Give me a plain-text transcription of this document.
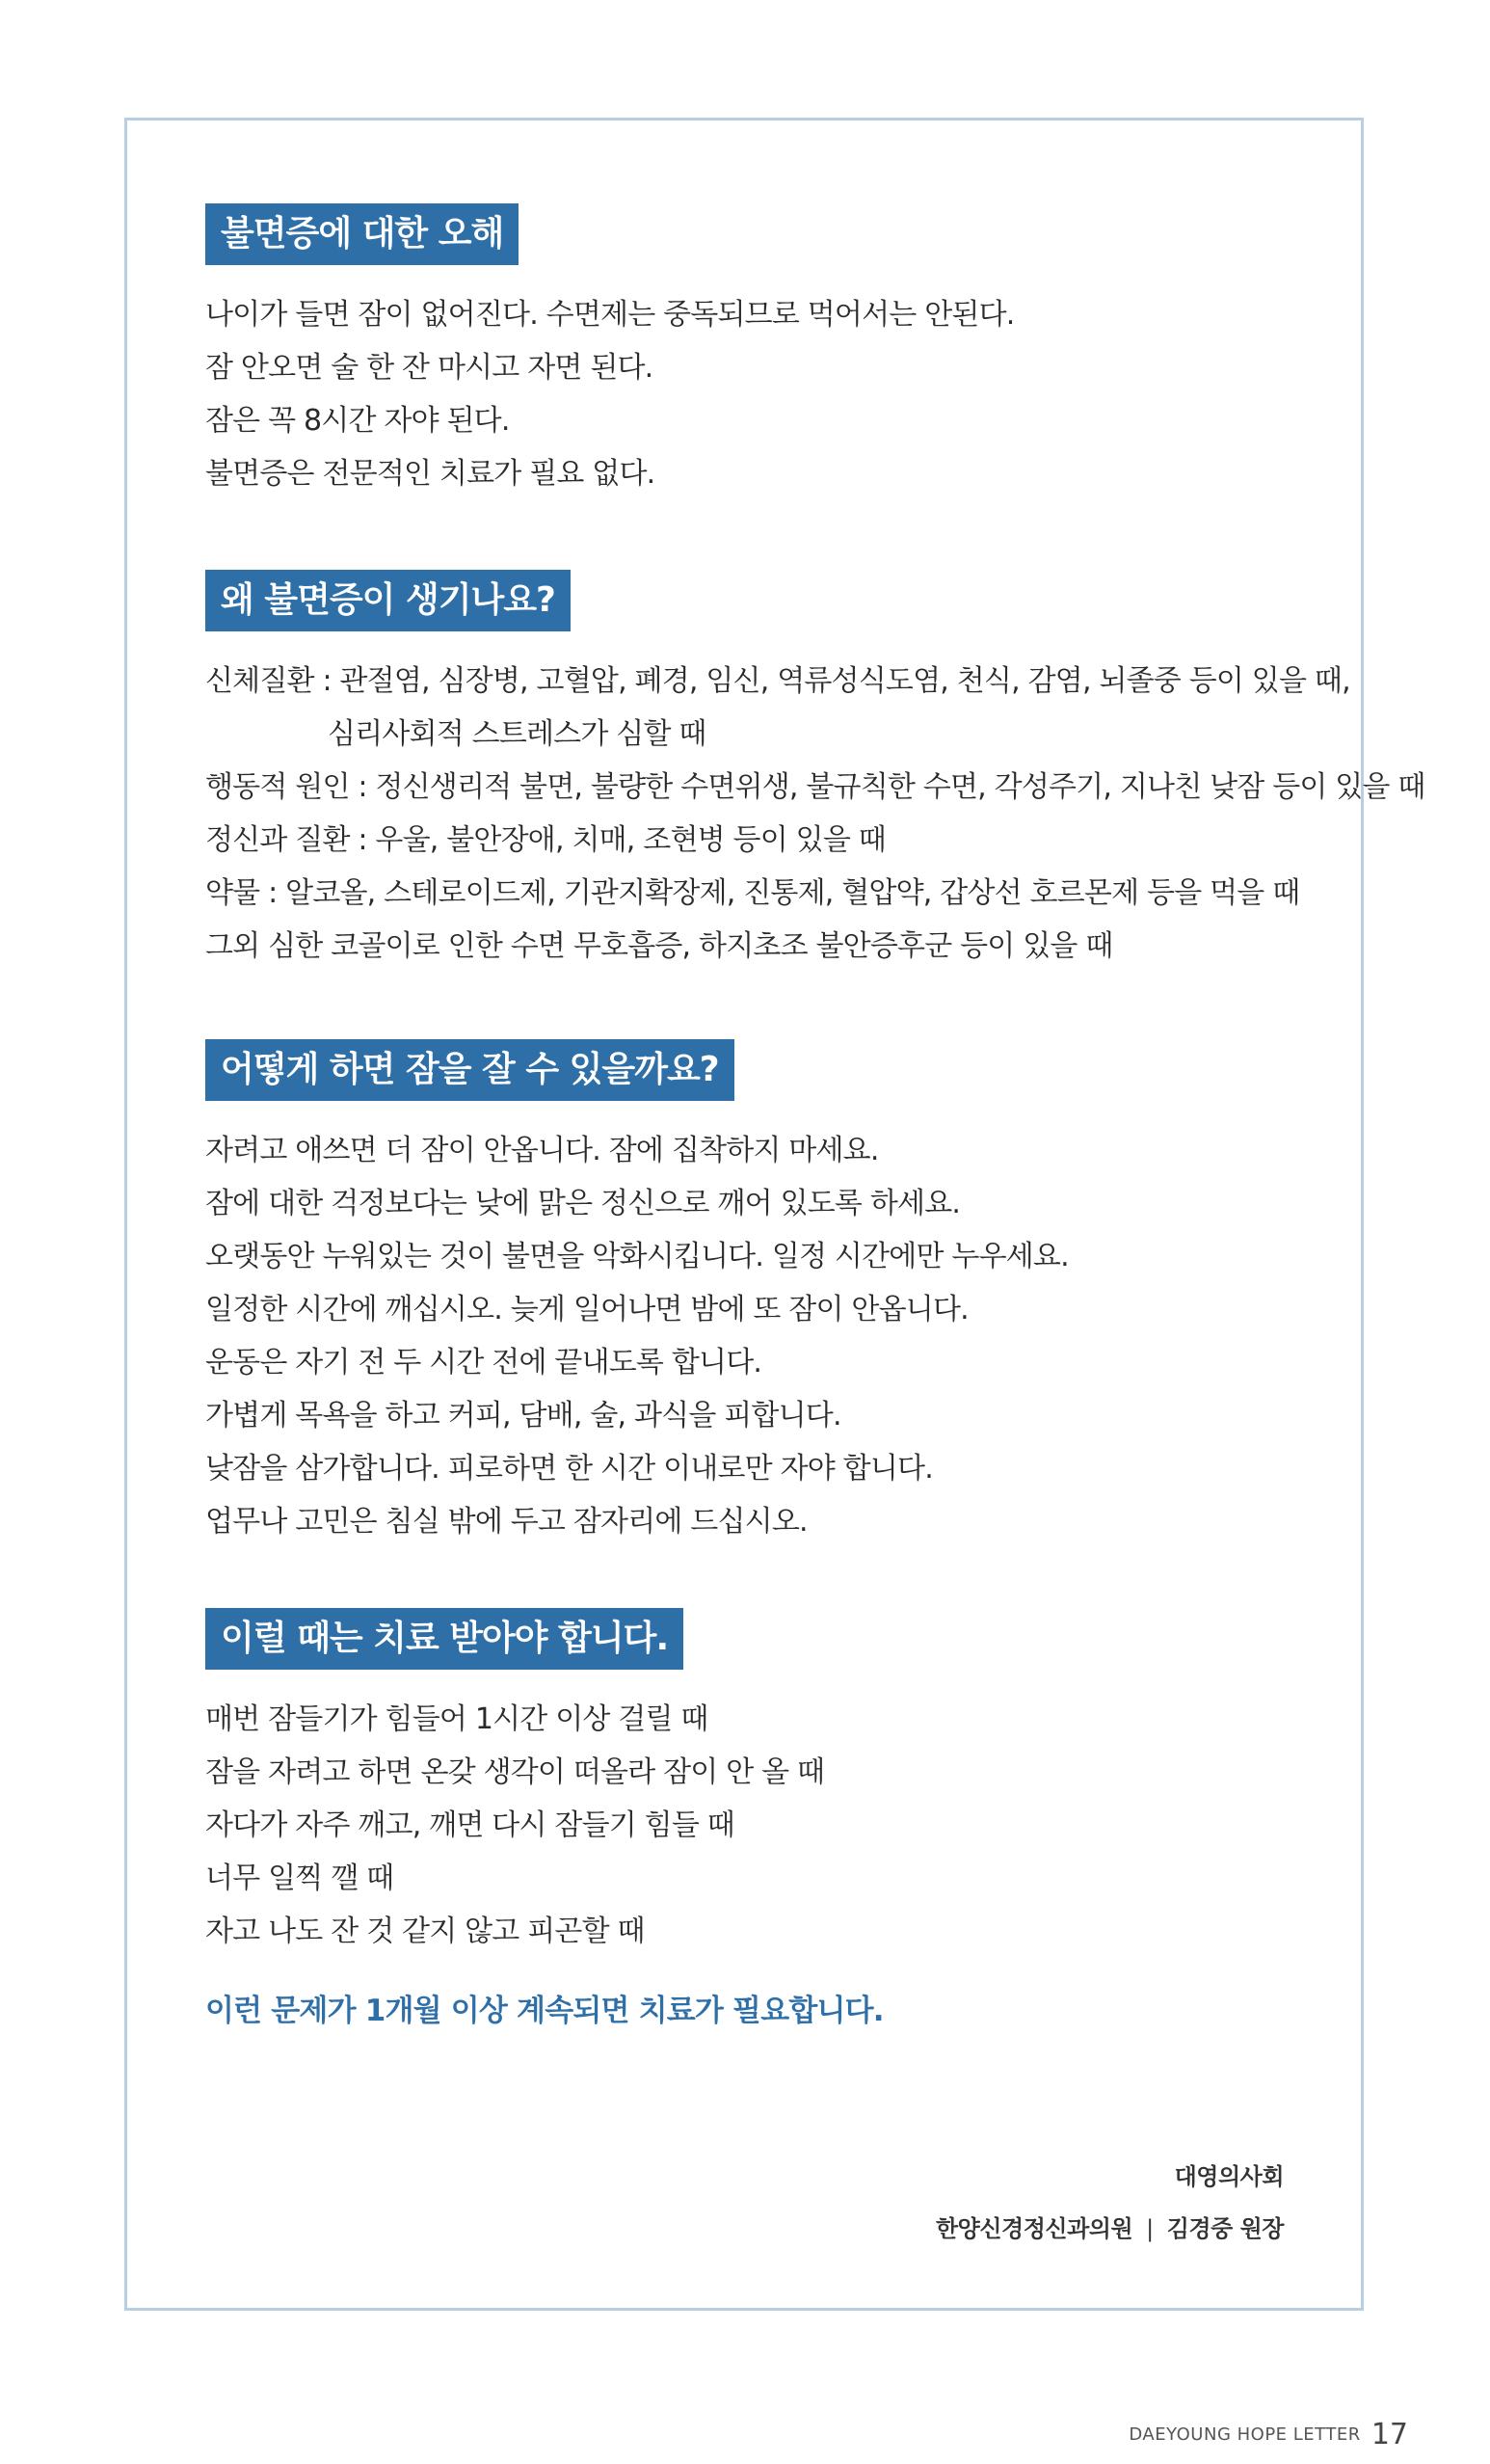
불면증에 대한 오해
나이가 들면 잠이 없어진다. 수면제는 중독되므로 먹어서는 안된다.
잠 안오면 술 한 잔 마시고 자면 된다.
잠은 꼭 8시간 자야 된다.
불면증은 전문적인 치료가 필요 없다.
왜 불면증이 생기나요?
신체질환 : 관절염, 심장병, 고혈압, 폐경, 임신, 역류성식도염, 천식, 감염, 뇌졸중 등이 있을 때,
심리사회적 스트레스가 심할 때
행동적 원인 : 정신생리적 불면, 불량한 수면위생, 불규칙한 수면, 각성주기, 지나친 낮잠 등이 있을 때
정신과 질환 : 우울, 불안장애, 치매, 조현병 등이 있을 때
약물 : 알코올, 스테로이드제, 기관지확장제, 진통제, 혈압약, 갑상선 호르몬제 등을 먹을 때
그외 심한 코골이로 인한 수면 무호흡증, 하지초조 불안증후군 등이 있을 때
어떻게 하면 잠을 잘 수 있을까요?
자려고 애쓰면 더 잠이 안옵니다. 잠에 집착하지 마세요.
잠에 대한 걱정보다는 낮에 맑은 정신으로 깨어 있도록 하세요.
오랫동안 누워있는 것이 불면을 악화시킵니다. 일정 시간에만 누우세요.
일정한 시간에 깨십시오. 늦게 일어나면 밤에 또 잠이 안옵니다.
운동은 자기 전 두 시간 전에 끝내도록 합니다.
가볍게 목욕을 하고 커피, 담배, 술, 과식을 피합니다.
낮잠을 삼가합니다. 피로하면 한 시간 이내로만 자야 합니다.
업무나 고민은 침실 밖에 두고 잠자리에 드십시오.
이럴 때는 치료 받아야 합니다.
매번 잠들기가 힘들어 1시간 이상 걸릴 때
잠을 자려고 하면 온갖 생각이 떠올라 잠이 안 올 때
자다가 자주 깨고, 깨면 다시 잠들기 힘들 때
너무 일찍 깰 때
자고 나도 잔 것 같지 않고 피곤할 때
이런 문제가 1개월 이상 계속되면 치료가 필요합니다.
대영의사회
한양신경정신과의원 | 김경중 원장
DAEYOUNG HOPE LETTER 17
